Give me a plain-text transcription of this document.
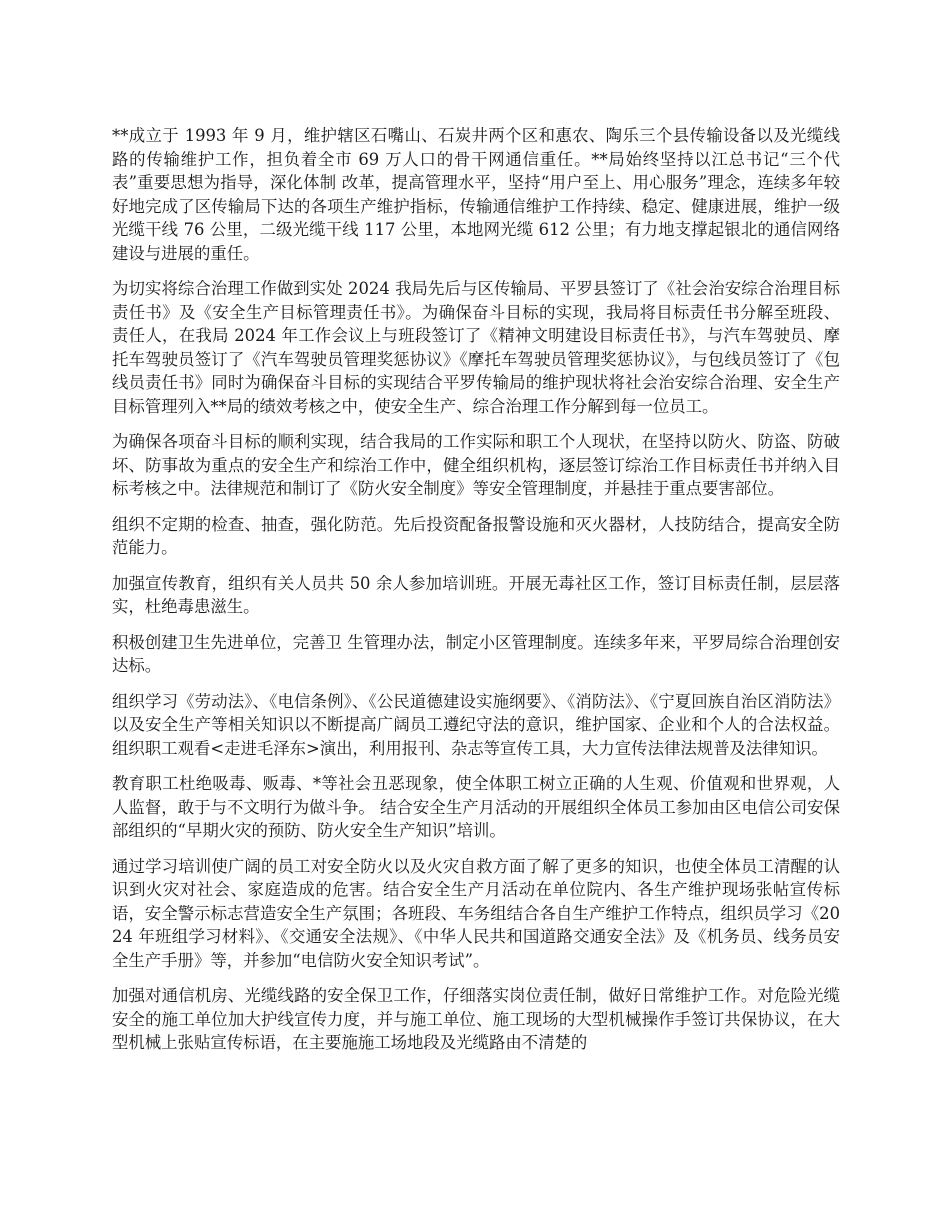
**成立于 1993 年 9 月，维护辖区石嘴山、石炭井两个区和惠农、陶乐三个县传输设备以及光缆线路的传输维护工作，担负着全市 69 万人口的骨干网通信重任。**局始终坚持以江总书记“三个代表”重要思想为指导，深化体制 改革，提高管理水平，坚持“用户至上、用心服务”理念，连续多年较好地完成了区传输局下达的各项生产维护指标，传输通信维护工作持续、稳定、健康进展，维护一级光缆干线 76 公里，二级光缆干线 117 公里，本地网光缆 612 公里；有力地支撑起银北的通信网络建设与进展的重任。

为切实将综合治理工作做到实处 2024 我局先后与区传输局、平罗县签订了《社会治安综合治理目标责任书》及《安全生产目标管理责任书》。为确保奋斗目标的实现，我局将目标责任书分解至班段、责任人，在我局 2024 年工作会议上与班段签订了《精神文明建设目标责任书》，与汽车驾驶员、摩托车驾驶员签订了《汽车驾驶员管理奖惩协议》《摩托车驾驶员管理奖惩协议》，与包线员签订了《包线员责任书》同时为确保奋斗目标的实现结合平罗传输局的维护现状将社会治安综合治理、安全生产目标管理列入**局的绩效考核之中，使安全生产、综合治理工作分解到每一位员工。

为确保各项奋斗目标的顺利实现，结合我局的工作实际和职工个人现状，在坚持以防火、防盗、防破坏、防事故为重点的安全生产和综治工作中，健全组织机构，逐层签订综治工作目标责任书并纳入目标考核之中。法律规范和制订了《防火安全制度》等安全管理制度，并悬挂于重点要害部位。

组织不定期的检查、抽查，强化防范。先后投资配备报警设施和灭火器材，人技防结合，提高安全防范能力。

加强宣传教育，组织有关人员共 50 余人参加培训班。开展无毒社区工作，签订目标责任制，层层落实，杜绝毒患滋生。

积极创建卫生先进单位，完善卫 生管理办法，制定小区管理制度。连续多年来，平罗局综合治理创安达标。

组织学习《劳动法》、《电信条例》、《公民道德建设实施纲要》、《消防法》、《宁夏回族自治区消防法》以及安全生产等相关知识以不断提高广阔员工遵纪守法的意识，维护国家、企业和个人的合法权益。组织职工观看<走进毛泽东>演出，利用报刊、杂志等宣传工具，大力宣传法律法规普及法律知识。

教育职工杜绝吸毒、贩毒、*等社会丑恶现象，使全体职工树立正确的人生观、价值观和世界观，人人监督，敢于与不文明行为做斗争。 结合安全生产月活动的开展组织全体员工参加由区电信公司安保部组织的“早期火灾的预防、防火安全生产知识”培训。

通过学习培训使广阔的员工对安全防火以及火灾自救方面了解了更多的知识，也使全体员工清醒的认识到火灾对社会、家庭造成的危害。结合安全生产月活动在单位院内、各生产维护现场张帖宣传标语，安全警示标志营造安全生产氛围；各班段、车务组结合各自生产维护工作特点，组织员学习《2024 年班组学习材料》、《交通安全法规》、《中华人民共和国道路交通安全法》及《机务员、线务员安全生产手册》等，并参加“电信防火安全知识考试”。

加强对通信机房、光缆线路的安全保卫工作，仔细落实岗位责任制，做好日常维护工作。对危险光缆安全的施工单位加大护线宣传力度，并与施工单位、施工现场的大型机械操作手签订共保协议，在大型机械上张贴宣传标语，在主要施施工场地段及光缆路由不清楚的
